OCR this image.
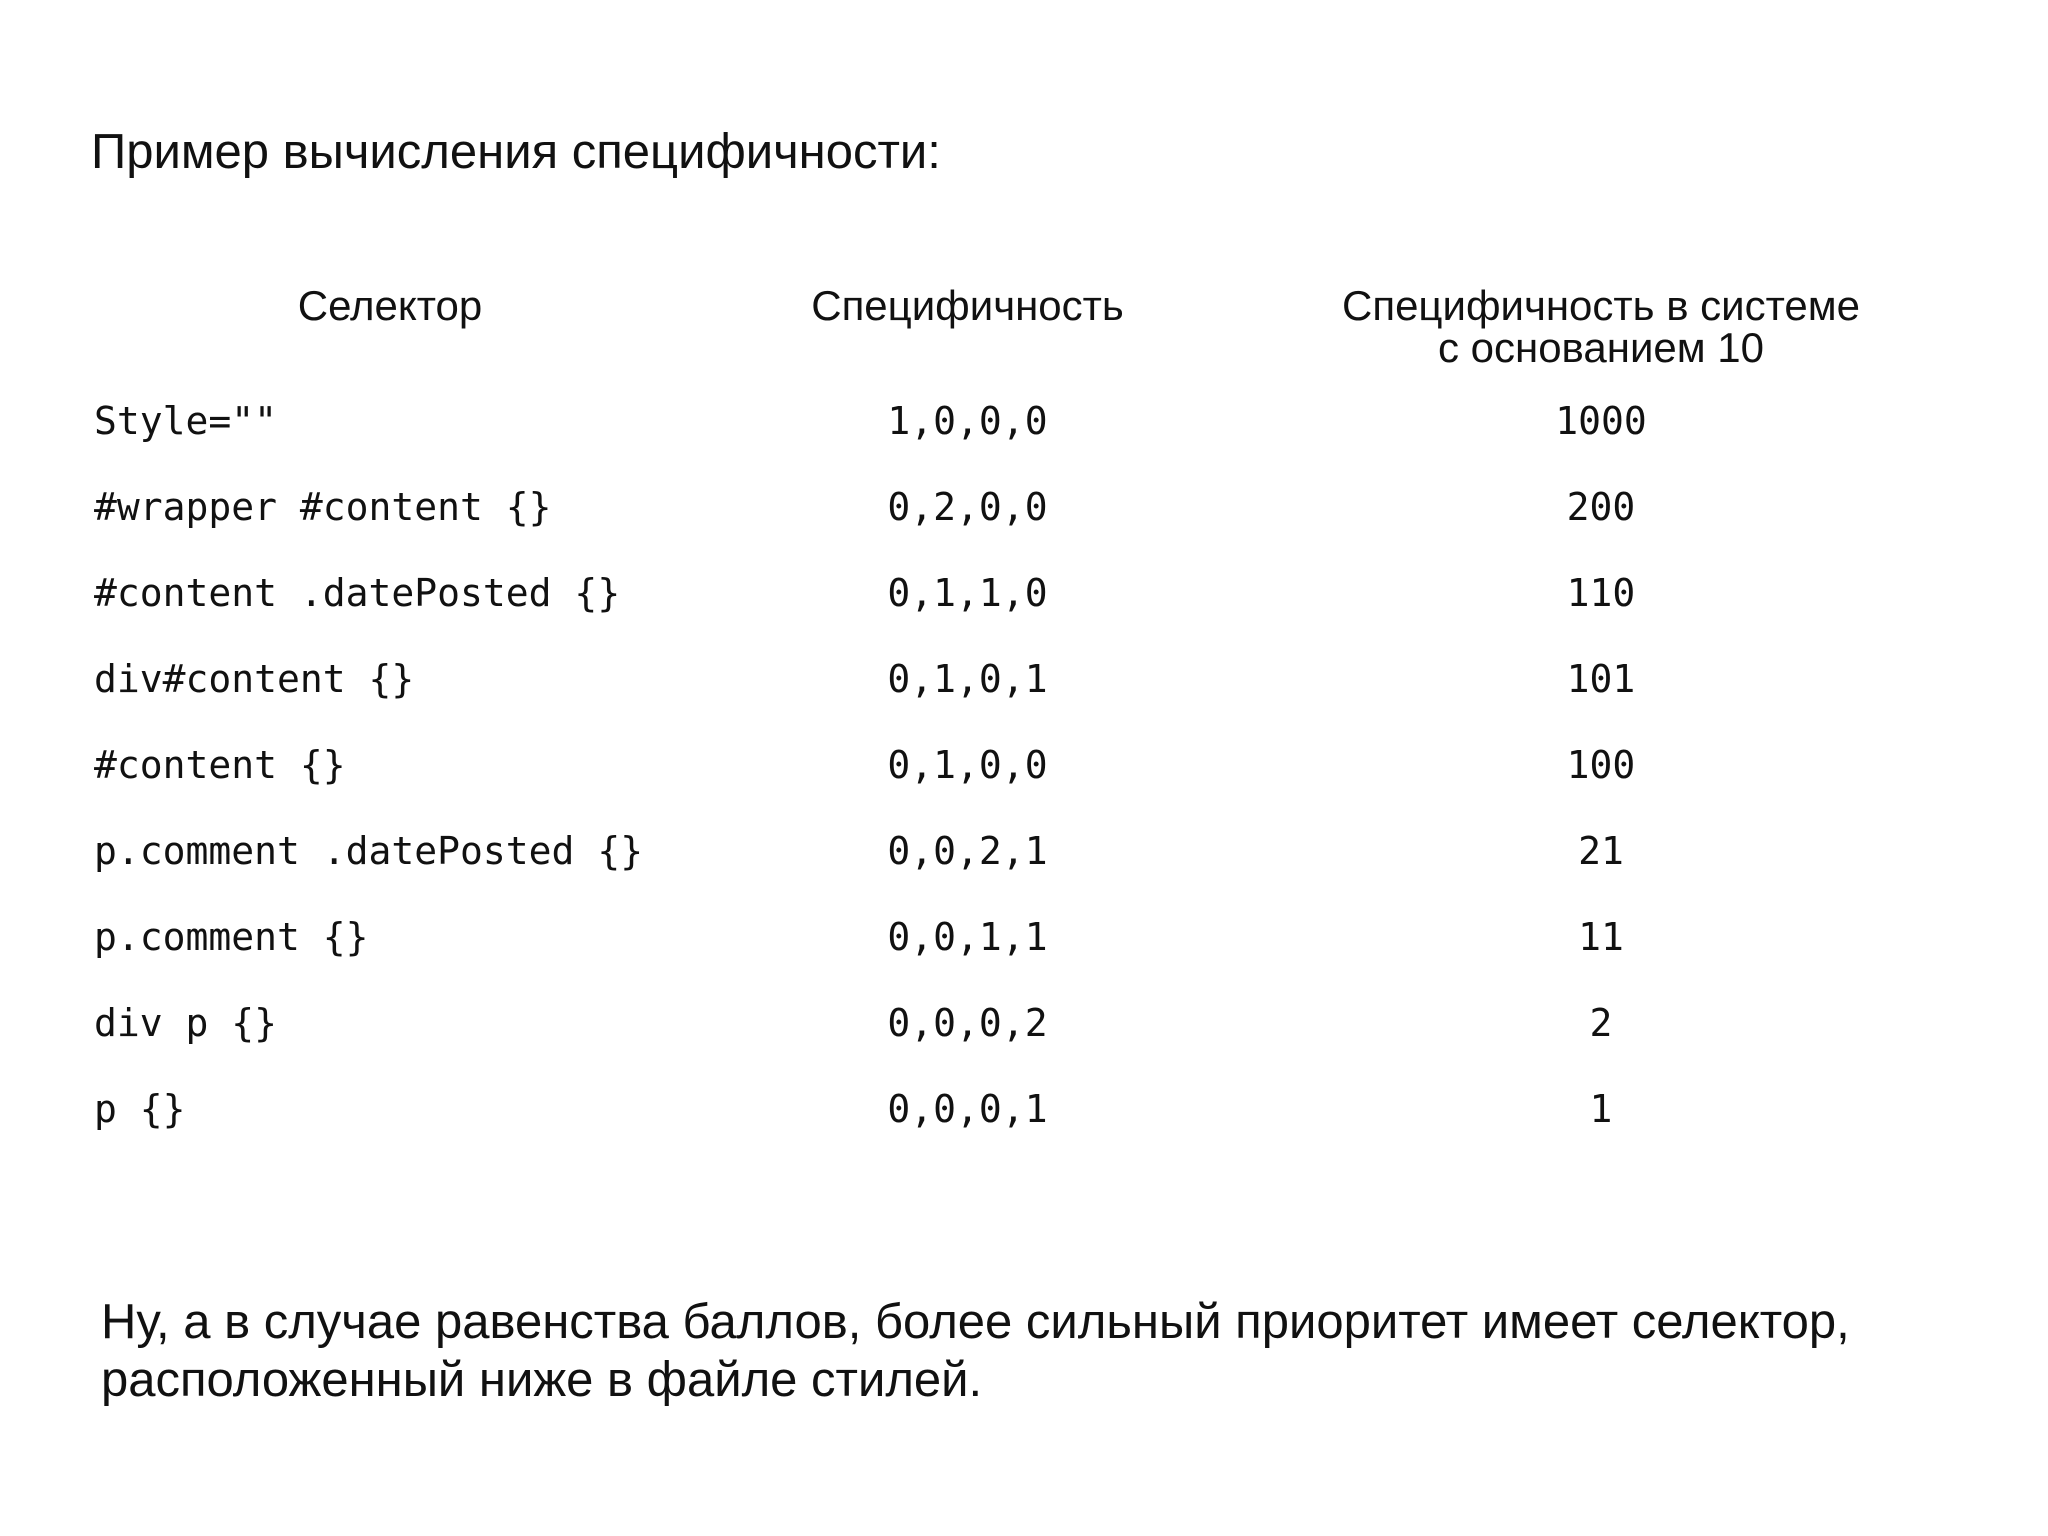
Пример вычисления специфичности:
Селектор	Специфичность	Специфичность в системе
с основанием 10
Style=""	1,0,0,0	1000
#wrapper #content {}	0,2,0,0	200
#content .datePosted {}	0,1,1,0	110
div#content {}	0,1,0,1	101
#content {}	0,1,0,0	100
p.comment .datePosted {}	0,0,2,1	21
p.comment {}	0,0,1,1	11
div p {}	0,0,0,2	2
p {}	0,0,0,1	1
Ну, а в случае равенства баллов, более сильный приоритет имеет селектор,
расположенный ниже в файле стилей.
